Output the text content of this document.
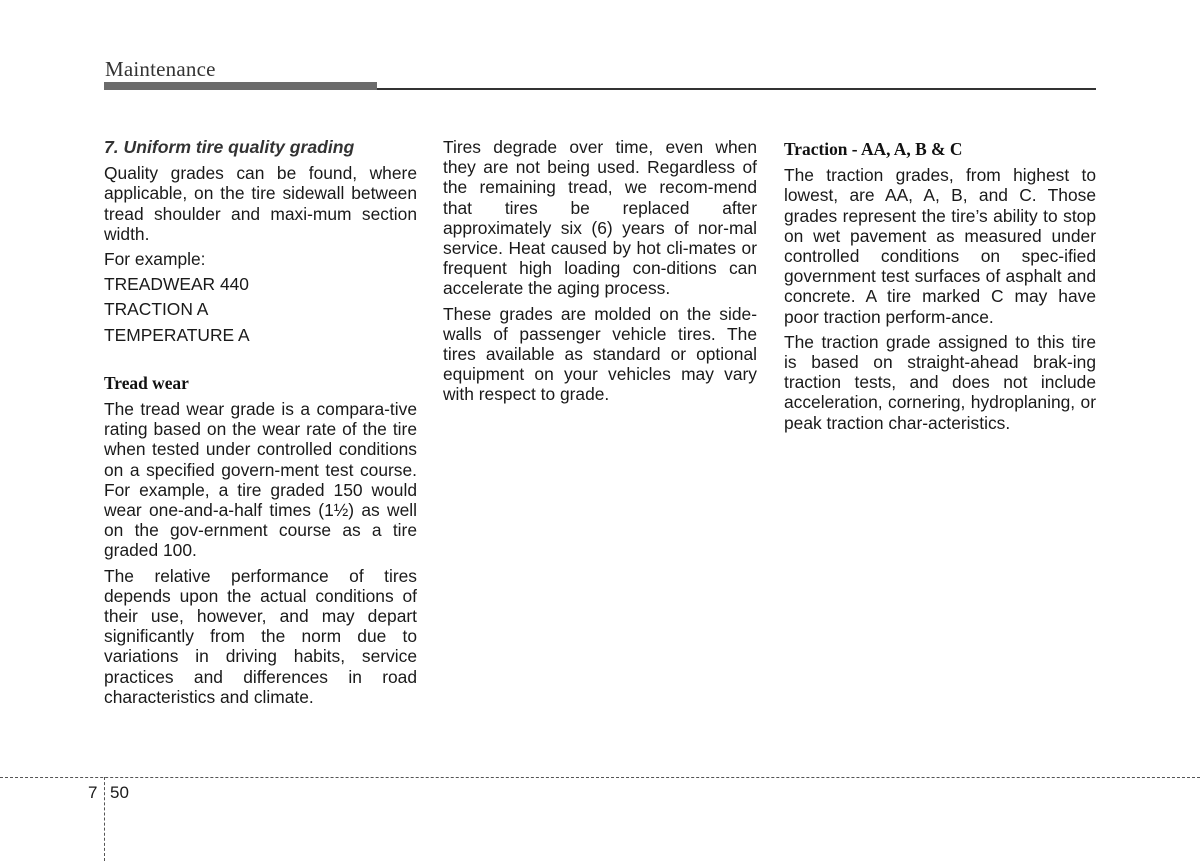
Maintenance
7. Uniform tire quality grading

Quality grades can be found, where applicable, on the tire sidewall between tread shoulder and maxi-mum section width.

For example:
TREADWEAR 440
TRACTION A
TEMPERATURE A
Tread wear

The tread wear grade is a compara-tive rating based on the wear rate of the tire when tested under controlled conditions on a specified govern-ment test course. For example, a tire graded 150 would wear one-and-a-half times (1½) as well on the gov-ernment course as a tire graded 100.

The relative performance of tires depends upon the actual conditions of their use, however, and may depart significantly from the norm due to variations in driving habits, service practices and differences in road characteristics and climate.

Tires degrade over time, even when they are not being used. Regardless of the remaining tread, we recom-mend that tires be replaced after approximately six (6) years of nor-mal service. Heat caused by hot cli-mates or frequent high loading con-ditions can accelerate the aging process.

These grades are molded on the side-walls of passenger vehicle tires. The tires available as standard or optional equipment on your vehicles may vary with respect to grade.

Traction - AA, A, B & C

The traction grades, from highest to lowest, are AA, A, B, and C. Those grades represent the tire’s ability to stop on wet pavement as measured under controlled conditions on spec-ified government test surfaces of asphalt and concrete. A tire marked C may have poor traction perform-ance.

The traction grade assigned to this tire is based on straight-ahead brak-ing traction tests, and does not include acceleration, cornering, hydroplaning, or peak traction char-acteristics.

7 50
